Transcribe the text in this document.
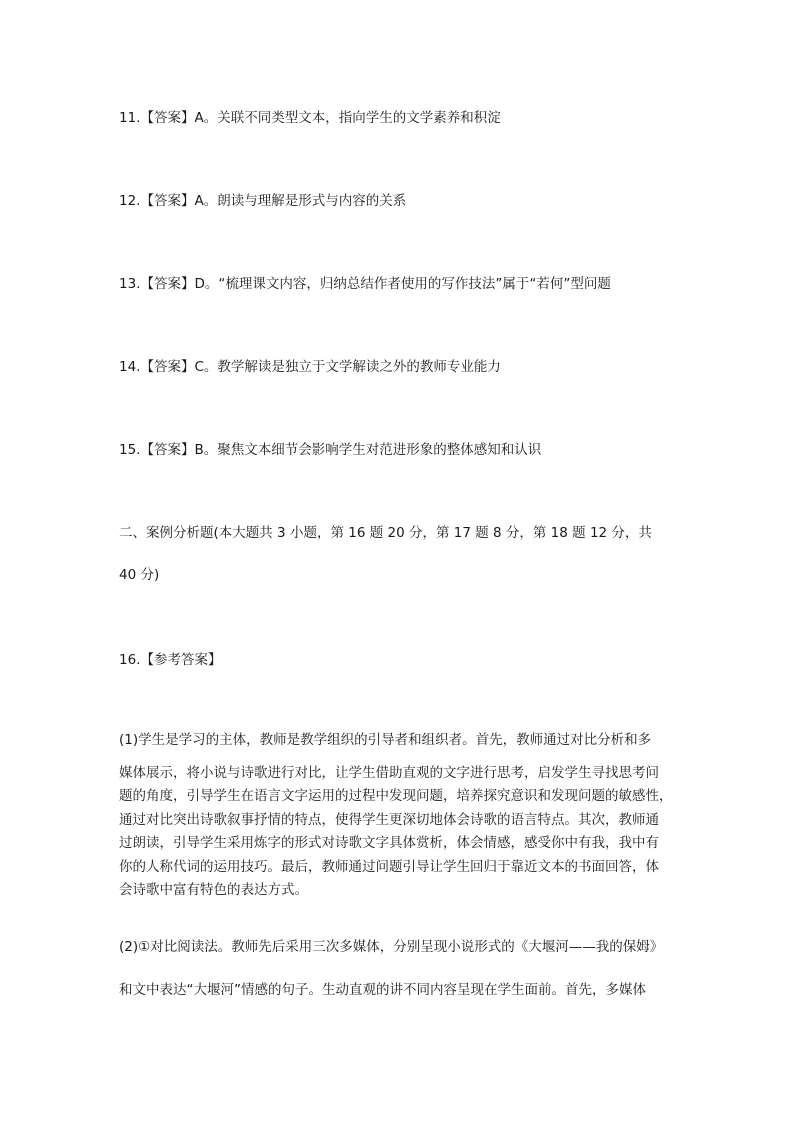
11.【答案】A。关联不同类型文本，指向学生的文学素养和积淀
12.【答案】A。朗读与理解是形式与内容的关系
13.【答案】D。“梳理课文内容，归纳总结作者使用的写作技法”属于“若何”型问题
14.【答案】C。教学解读是独立于文学解读之外的教师专业能力
15.【答案】B。聚焦文本细节会影响学生对范进形象的整体感知和认识
二、案例分析题(本大题共 3 小题，第 16 题 20 分，第 17 题 8 分，第 18 题 12 分，共
40 分)
16.【参考答案】
(1)学生是学习的主体，教师是教学组织的引导者和组织者。首先，教师通过对比分析和多
媒体展示，将小说与诗歌进行对比，让学生借助直观的文字进行思考，启发学生寻找思考问
题的角度，引导学生在语言文字运用的过程中发现问题，培养探究意识和发现问题的敏感性，
通过对比突出诗歌叙事抒情的特点，使得学生更深切地体会诗歌的语言特点。其次，教师通
过朗读，引导学生采用炼字的形式对诗歌文字具体赏析，体会情感，感受你中有我，我中有
你的人称代词的运用技巧。最后，教师通过问题引导让学生回归于靠近文本的书面回答，体
会诗歌中富有特色的表达方式。
(2)①对比阅读法。教师先后采用三次多媒体，分别呈现小说形式的《大堰河——我的保姆》
和文中表达“大堰河”情感的句子。生动直观的讲不同内容呈现在学生面前。首先，多媒体
